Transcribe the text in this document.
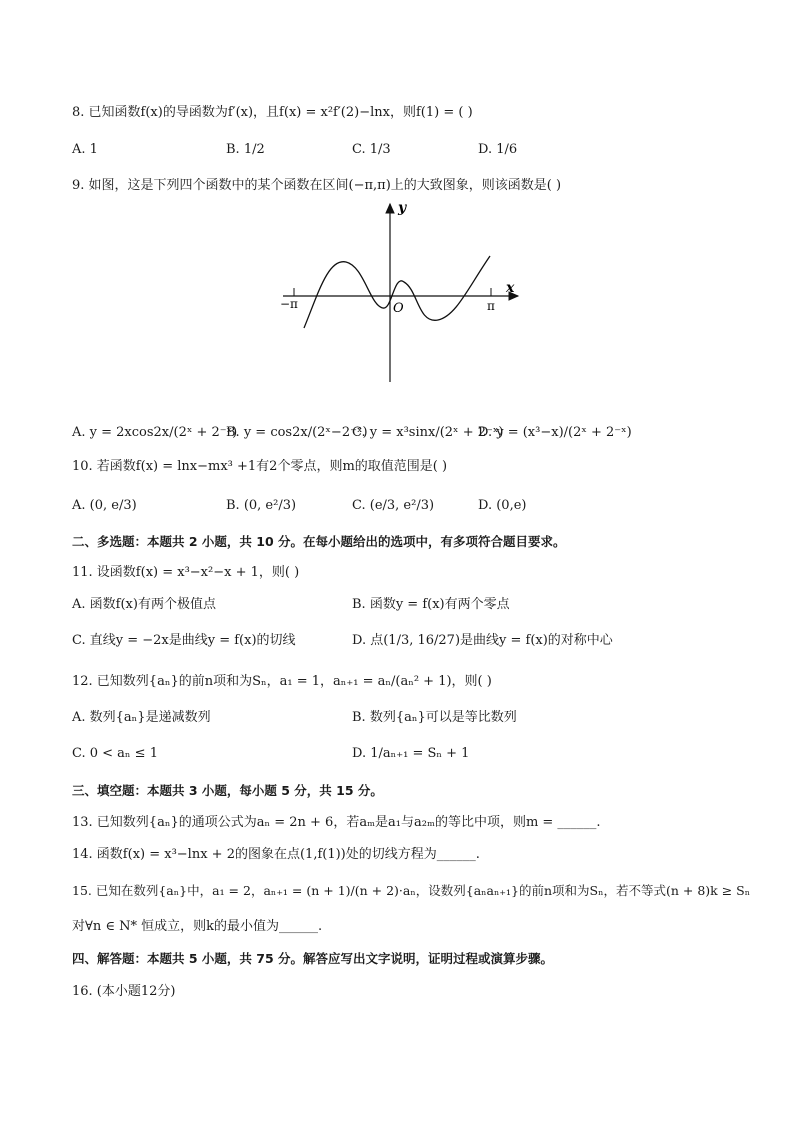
8. 已知函数f(x)的导函数为f′(x)，且f(x) = x²f′(2)−lnx，则f(1) = ( )
A. 1	B. 1/2	C. 1/3	D. 1/6
9. 如图，这是下列四个函数中的某个函数在区间(−π,π)上的大致图象，则该函数是( )
y
x
O
−π	π
A. y = 2xcos2x/(2ˣ + 2⁻ˣ)
B. y = cos2x/(2ˣ−2⁻ˣ)
C. y = x³sinx/(2ˣ + 2⁻ˣ)
D. y = (x³−x)/(2ˣ + 2⁻ˣ)
10. 若函数f(x) = lnx−mx³ +1有2个零点，则m的取值范围是( )
A. (0, e/3)	B. (0, e²/3)	C. (e/3, e²/3)	D. (0,e)
二、多选题：本题共 2 小题，共 10 分。在每小题给出的选项中，有多项符合题目要求。
11. 设函数f(x) = x³−x²−x + 1，则( )
A. 函数f(x)有两个极值点	B. 函数y = f(x)有两个零点
C. 直线y = −2x是曲线y = f(x)的切线	D. 点(1/3, 16/27)是曲线y = f(x)的对称中心
12. 已知数列{aₙ}的前n项和为Sₙ，a₁ = 1，aₙ₊₁ = aₙ/(aₙ² + 1)，则( )
A. 数列{aₙ}是递减数列	B. 数列{aₙ}可以是等比数列
C. 0 < aₙ ≤ 1	D. 1/aₙ₊₁ = Sₙ + 1
三、填空题：本题共 3 小题，每小题 5 分，共 15 分。
13. 已知数列{aₙ}的通项公式为aₙ = 2n + 6，若aₘ是a₁与a₂ₘ的等比中项，则m = ______.
14. 函数f(x) = x³−lnx + 2的图象在点(1,f(1))处的切线方程为______.
15. 已知在数列{aₙ}中，a₁ = 2，aₙ₊₁ = (n + 1)/(n + 2)·aₙ，设数列{aₙaₙ₊₁}的前n项和为Sₙ，若不等式(n + 8)k ≥ Sₙ
对∀n ∈ N* 恒成立，则k的最小值为______.
四、解答题：本题共 5 小题，共 75 分。解答应写出文字说明，证明过程或演算步骤。
16. (本小题12分)
